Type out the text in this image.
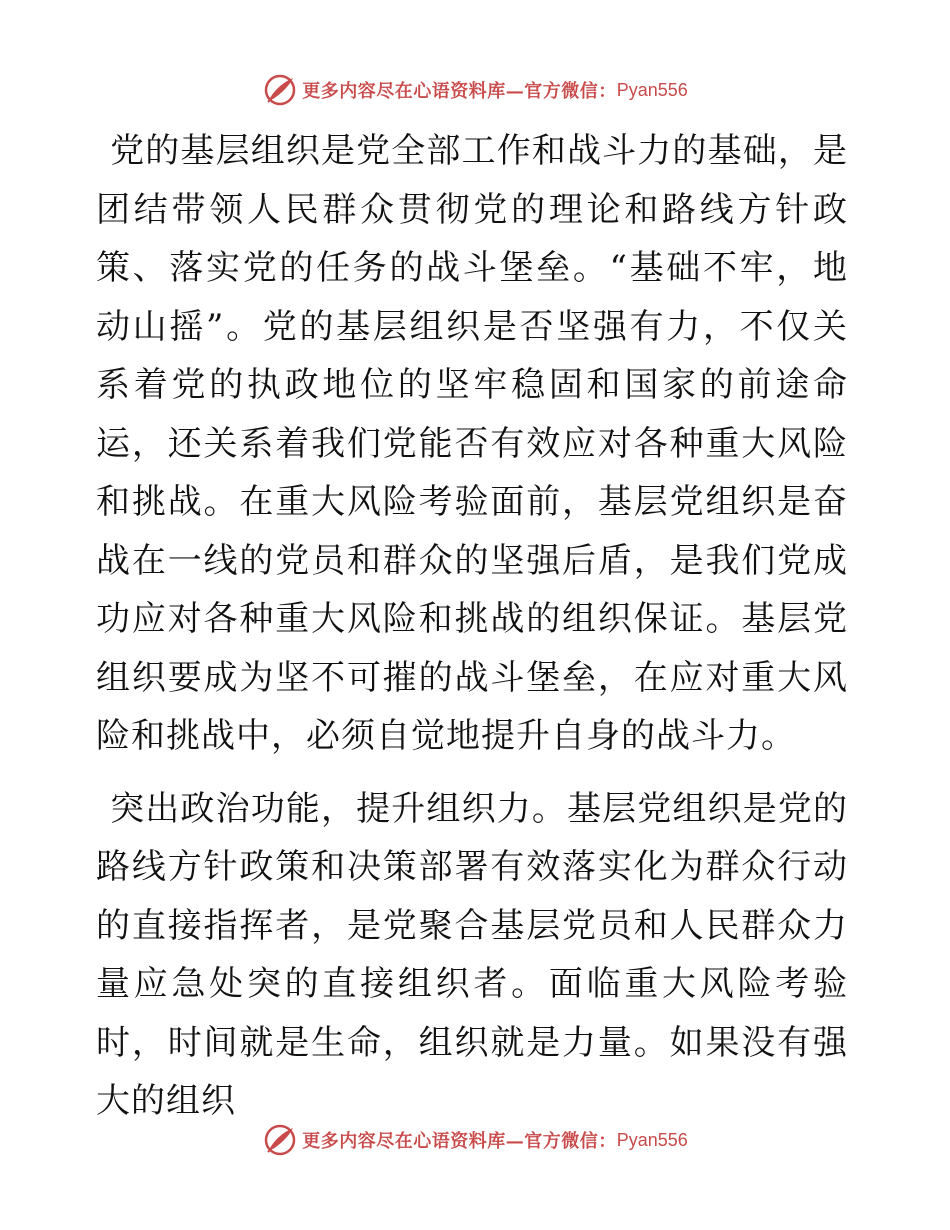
更多内容尽在心语资料库—官方微信： Pyan556

党的基层组织是党全部工作和战斗力的基础，是团结带领人民群众贯彻党的理论和路线方针政策、落实党的任务的战斗堡垒。“基础不牢，地动山摇”。党的基层组织是否坚强有力，不仅关系着党的执政地位的坚牢稳固和国家的前途命运，还关系着我们党能否有效应对各种重大风险和挑战。在重大风险考验面前，基层党组织是奋战在一线的党员和群众的坚强后盾，是我们党成功应对各种重大风险和挑战的组织保证。基层党组织要成为坚不可摧的战斗堡垒，在应对重大风险和挑战中，必须自觉地提升自身的战斗力。

突出政治功能，提升组织力。基层党组织是党的路线方针政策和决策部署有效落实化为群众行动的直接指挥者，是党聚合基层党员和人民群众力量应急处突的直接组织者。面临重大风险考验时，时间就是生命，组织就是力量。如果没有强大的组织

更多内容尽在心语资料库—官方微信： Pyan556
